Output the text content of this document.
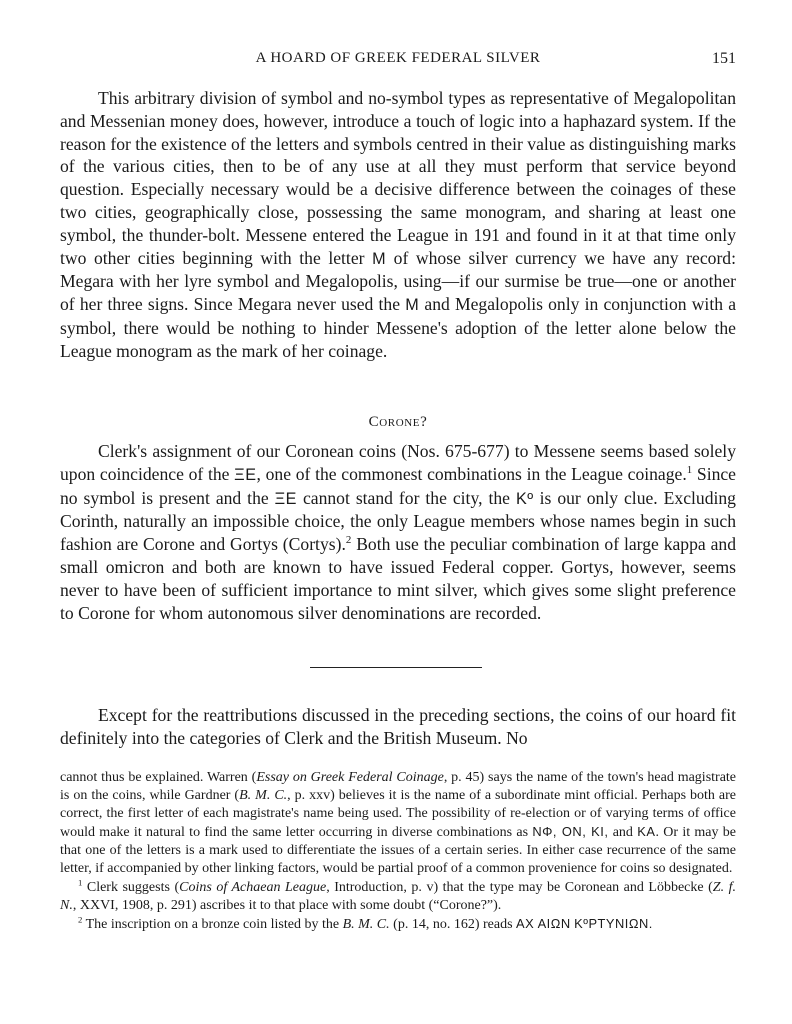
A HOARD OF GREEK FEDERAL SILVER	151

This arbitrary division of symbol and no-symbol types as representative of Megalopolitan and Messenian money does, however, introduce a touch of logic into a haphazard system. If the reason for the existence of the letters and symbols centred in their value as distinguishing marks of the various cities, then to be of any use at all they must perform that service beyond question. Especially necessary would be a decisive difference between the coinages of these two cities, geographically close, possessing the same monogram, and sharing at least one symbol, the thunder-bolt. Messene entered the League in 191 and found in it at that time only two other cities beginning with the letter M of whose silver currency we have any record: Megara with her lyre symbol and Megalopolis, using—if our surmise be true—one or another of her three signs. Since Megara never used the M and Megalopolis only in conjunction with a symbol, there would be nothing to hinder Messene's adoption of the letter alone below the League monogram as the mark of her coinage.

Corone?

Clerk's assignment of our Coronean coins (Nos. 675-677) to Messene seems based solely upon coincidence of the ΞΕ, one of the commonest combinations in the League coinage.$^1$ Since no symbol is present and the ΞΕ cannot stand for the city, the Kº is our only clue. Excluding Corinth, naturally an impossible choice, the only League members whose names begin in such fashion are Corone and Gortys (Cortys).$^2$ Both use the peculiar combination of large kappa and small omicron and both are known to have issued Federal copper. Gortys, however, seems never to have been of sufficient importance to mint silver, which gives some slight preference to Corone for whom autonomous silver denominations are recorded.

Except for the reattributions discussed in the preceding sections, the coins of our hoard fit definitely into the categories of Clerk and the British Museum. No

cannot thus be explained. Warren (Essay on Greek Federal Coinage, p. 45) says the name of the town's head magistrate is on the coins, while Gardner (B. M. C., p. xxv) believes it is the name of a subordinate mint official. Perhaps both are correct, the first letter of each magistrate's name being used. The possibility of re-election or of varying terms of office would make it natural to find the same letter occurring in diverse combinations as ΝΦ, ΟΝ, ΚΙ, and ΚΑ. Or it may be that one of the letters is a mark used to differentiate the issues of a certain series. In either case recurrence of the same letter, if accompanied by other linking factors, would be partial proof of a common provenience for coins so designated.

$^1$ Clerk suggests (Coins of Achaean League, Introduction, p. v) that the type may be Coronean and Löbbecke (Z. f. N., XXVI, 1908, p. 291) ascribes it to that place with some doubt (“Corone?”).

$^2$ The inscription on a bronze coin listed by the B. M. C. (p. 14, no. 162) reads ΑΧ ΑΙΩΝ ΚºΡΤΥΝΙΩΝ.
